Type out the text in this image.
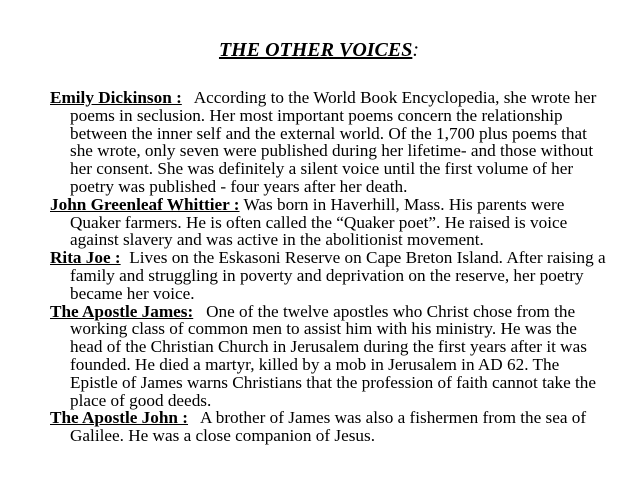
THE OTHER VOICES:

Emily Dickinson : According to the World Book Encyclopedia, she wrote her poems in seclusion. Her most important poems concern the relationship between the inner self and the external world. Of the 1,700 plus poems that she wrote, only seven were published during her lifetime- and those without her consent. She was definitely a silent voice until the first volume of her poetry was published - four years after her death.

John Greenleaf Whittier : Was born in Haverhill, Mass. His parents were Quaker farmers. He is often called the “Quaker poet”. He raised is voice against slavery and was active in the abolitionist movement.

Rita Joe : Lives on the Eskasoni Reserve on Cape Breton Island. After raising a family and struggling in poverty and deprivation on the reserve, her poetry became her voice.

The Apostle James: One of the twelve apostles who Christ chose from the working class of common men to assist him with his ministry. He was the head of the Christian Church in Jerusalem during the first years after it was founded. He died a martyr, killed by a mob in Jerusalem in AD 62. The Epistle of James warns Christians that the profession of faith cannot take the place of good deeds.

The Apostle John : A brother of James was also a fishermen from the sea of Galilee. He was a close companion of Jesus.
